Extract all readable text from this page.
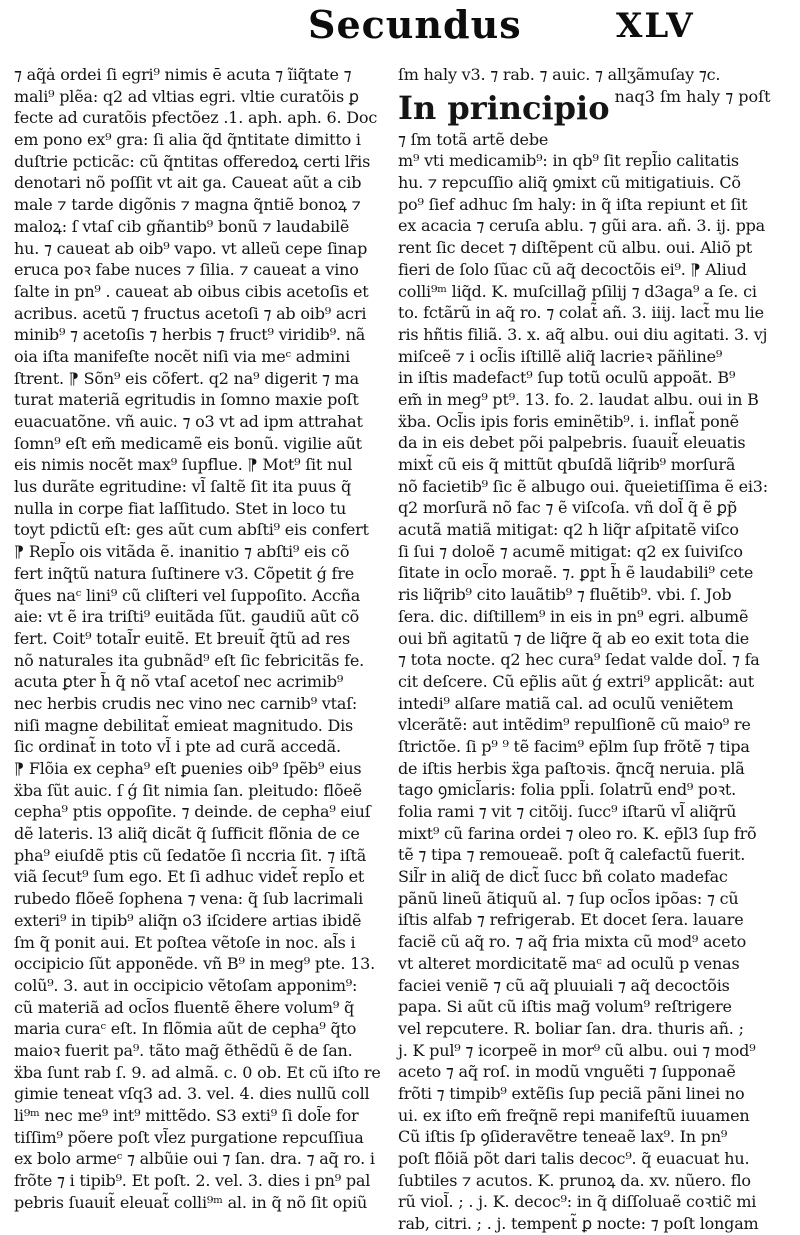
Secundus	XLV
⁊ aq̃ȧ ordei ſi egri⁹ nimis ē acuta ⁊ ĩiq̃tate ⁊
mali⁹ plẽa: q2 ad vltias egri. vltie curatõis ꝑ
fecte ad curatõis pfectõez .1. aph. aph. 6. Doc
em pono ex⁹ gra: ſi alia q̃d q̃ntitate dimitto i
duſtrie pcticãc: cũ q̃ntitas offeredoꝝ certi lr̃is
denotari nõ poſſit vt ait ga. Caueat aũt a cib
male ⁊ tarde digõnis ⁊ magna q̃ntiẽ bonoꝝ ⁊
maloꝝ: ſ vtaſ cib gñantib⁹ bonũ ⁊ laudabilẽ
hu. ⁊ caueat ab oib⁹ vapo. vt alleũ cepe ſinap
eruca poꝛ fabe nuces ⁊ ſilia. ⁊ caueat a vino
ſalte in pn⁹ . caueat ab oibus cibis acetoſis et
acribus. acetũ ⁊ fructus acetoſi ⁊ ab oib⁹ acri
minib⁹ ⁊ acetoſis ⁊ herbis ⁊ fruct⁹ viridib⁹. nã
oia iſta manifeſte nocẽt niſi via meᶜ admini
ſtrent. ⁋ Sõn⁹ eis cõfert. q2 na⁹ digerit ⁊ ma
turat materiã egritudis in ſomno maxie poſt
euacuatõne. vñ auic. ⁊ o3 vt ad ipm attrahat
ſomn⁹ eſt em̃ medicamẽ eis bonũ. vigilie aũt
eis nimis nocẽt max⁹ ſupflue. ⁋ Mot⁹ ſit nul
lus durãte egritudine: vl̃ ſaltẽ ſit ita puus q̃
nulla in corpe fiat laſſitudo. Stet in loco tu
toyt pdictũ eſt: ges aũt cum abſti⁹ eis confert
⁋ Repl̃o ois vitãda ẽ. inanitio ⁊ abſti⁹ eis cõ
fert inq̃tũ natura ſuſtinere v3. Cõpetit ǵ fre
q̃ues naᶜ lini⁹ cũ cliſteri vel ſuppoſito. Accña
aie: vt ẽ ira triſti⁹ euitãda ſũt. gaudiũ aũt cõ
fert. Coit⁹ total̃r euitẽ. Et breuit̃ q̃tũ ad res
nõ naturales ita gubnãd⁹ eſt ſic febricitãs fe.
acuta ꝑter h̃ q̃ nõ vtaſ acetoſ nec acrimib⁹
nec herbis crudis nec vino nec carnib⁹ vtaſ:
niſi magne debilitat̃ emieat magnitudo. Dis
ſic ordinat̃ in toto vl̃ i pte ad curã accedã.
⁋ Flõia ex cepha⁹ eſt ꝑuenies oib⁹ ſpẽb⁹ eius
ẍba ſũt auic. ſ ǵ ſit nimia ſan. pleitudo: flõeẽ
cepha⁹ ptis oppoſite. ⁊ deinde. de cepha⁹ eiuſ
dẽ lateris. l3 aliq̃ dicãt q̃ ſufficit flõnia de ce
pha⁹ eiuſdẽ ptis cũ ſedatõe ſi nccria ſit. ⁊ iſtã
viã ſecut⁹ ſum ego. Et ſi adhuc videt̃ repl̃o et
rubedo flõeẽ ſophena ⁊ vena: q̃ ſub lacrimali
exteri⁹ in tipib⁹ aliq̃n o3 iſcidere artias ibidẽ
ſm q̃ ponit aui. Et poſtea vẽtoſe in noc. al̃s i
occipicio ſũt apponẽde. vñ B⁹ in meg⁹ pte. 13.
colũ⁹. 3. aut in occipicio vẽtoſam apponim⁹:
cũ materiã ad ocl̃os fluentẽ ẽhere volum⁹ q̃
maria curaᶜ eſt. In flõmia aũt de cepha⁹ q̃to
maioꝛ fuerit pa⁹. tãto mag̃ ẽthẽdũ ẽ de ſan.
ẍba ſunt rab ſ. 9. ad almã. c. 0 ob. Et cũ iſto re
gimie teneat vſq3 ad. 3. vel. 4. dies nullũ coll
li⁹ᵐ nec me⁹ int⁹ mittẽdo. S3 exti⁹ ſi dol̃e for
tiſſim⁹ põere poſt vl̃ez purgatione repcuſſiua
ex bolo armeᶜ ⁊ albũie oui ⁊ ſan. dra. ⁊ aq̃ ro. i
frõte ⁊ i tipib⁹. Et poſt. 2. vel. 3. dies i pn⁹ pal
pebris ſuauit̃ eleuat̃ colli⁹ᵐ al. in q̃ nõ ſit opiũ
ſm haly v3. ⁊ rab. ⁊ auic. ⁊ allʒãmuſay ⁊c.
In principio naq3 ſm haly ⁊ poſt
⁊ ſm totã artẽ debe
m⁹ vti medicamib⁹: in qb⁹ ſit repl̃io calitatis
hu. ⁊ repcuſſio aliq̃ ꝯmixt cũ mitigatiuis. Cõ
po⁹ ſief adhuc ſm haly: in q̃ iſta repiunt et ſit
ex acacia ⁊ ceruſa ablu. ⁊ gũi ara. añ. 3. ij. ppa
rent ſic decet ⁊ diſtẽpent cũ albu. oui. Aliõ pt
fieri de ſolo ſũac cũ aq̃ decoctõis ei⁹. ⁋ Aliud
colli⁹ᵐ liq̃d. K. muſcillag̃ pſilij ⁊ d3aga⁹ a ſe. ci
to. fctãrũ in aq̃ ro. ⁊ colat̃ añ. 3. iiij. lact̃ mu lie
ris hñtis filiã. 3. x. aq̃ albu. oui diu agitati. 3. vj
miſceẽ ⁊ i ocl̃is iſtillẽ aliq̃ lacrieꝛ pãn̈line⁹
in iſtis madefact⁹ ſup totũ oculũ appoãt. B⁹
em̃ in meg⁹ pt⁹. 13. fo. 2. laudat albu. oui in B
ẍba. Ocl̃is ipis foris eminẽtib⁹. i. inflat̃ ponẽ
da in eis debet põi palpebris. ſuauit̃ eleuatis
mixt̃ cũ eis q̃ mittũt qbuſdã liq̃rib⁹ morſurã
nõ facietib⁹ ſic ẽ albugo oui. q̃ueietiſſima ẽ ei3:
q2 morſurã nõ fac ⁊ ẽ viſcoſa. vñ dol̃ q̃ ẽ ꝑp̃
acutã matiã mitigat: q2 h liq̃r aſpitatẽ viſco
ſi ſui ⁊ doloẽ ⁊ acumẽ mitigat: q2 ex ſuiviſco
ſitate in ocl̃o moraẽ. ⁊. ꝑpt h̃ ẽ laudabili⁹ cete
ris liq̃rib⁹ cito lauãtib⁹ ⁊ fluẽtib⁹. vbi. ſ. Job
ſera. dic. diſtillem⁹ in eis in pn⁹ egri. albumẽ
oui bñ agitatũ ⁊ de liq̃re q̃ ab eo exit tota die
⁊ tota nocte. q2 hec cura⁹ ſedat valde dol̃. ⁊ fa
cit deſcere. Cũ ep̃lis aũt ǵ extri⁹ applicãt: aut
intedi⁹ alſare matiã cal. ad oculũ veniẽtem
vlcerãtẽ: aut intẽdim⁹ repulſionẽ cũ maio⁹ re
ſtrictõe. ſi p⁹ ⁹ tẽ facim⁹ ep̃lm ſup frõtẽ ⁊ tipa
de iſtis herbis ẍga paſtoꝛis. q̃ncq̃ neruia. plã
tago ꝯmicl̃aris: folia ppl̃i. ſolatrũ end⁹ poꝛt.
folia rami ⁊ vit ⁊ citõij. ſucc⁹ iſtarũ vl̃ aliq̃rũ
mixt⁹ cũ farina ordei ⁊ oleo ro. K. ep̃l3 ſup frõ
tẽ ⁊ tipa ⁊ remoueaẽ. poſt q̃ calefactũ fuerit.
Sil̃r in aliq̃ de dict̃ ſucc bñ colato madefac
pãnũ lineũ ãtiquũ al. ⁊ ſup ocl̃os ipõas: ⁊ cũ
iſtis alfab ⁊ refrigerab. Et docet ſera. lauare
faciẽ cũ aq̃ ro. ⁊ aq̃ fria mixta cũ mod⁹ aceto
vt alteret mordicitatẽ maᶜ ad oculũ p venas
faciei veniẽ ⁊ cũ aq̃ pluuiali ⁊ aq̃ decoctõis
papa. Si aũt cũ iſtis mag̃ volum⁹ reſtrigere
vel repcutere. R. boliar ſan. dra. thuris añ. ;
j. K pul⁹ ⁊ icorpeẽ in mor⁹ cũ albu. oui ⁊ mod⁹
aceto ⁊ aq̃ roſ. in modũ vnguẽti ⁊ ſupponaẽ
frõti ⁊ timpib⁹ extẽſis ſup peciã pãni linei no
ui. ex iſto em̃ freq̃nẽ repi manifeſtũ iuuamen
Cũ iſtis ſp ꝯſideravẽtre teneaẽ lax⁹. In pn⁹
poſt flõiã põt dari talis decoc⁹. q̃ euacuat hu.
ſubtiles ⁊ acutos. K. prunoꝝ da. xv. nũero. flo
rũ viol̃. ; . j. K. decoc⁹: in q̃ diſſoluaẽ coꝛtic̃ mi
rab, citri. ; . j. tempent̃ ꝑ nocte: ⁊ poſt longam
